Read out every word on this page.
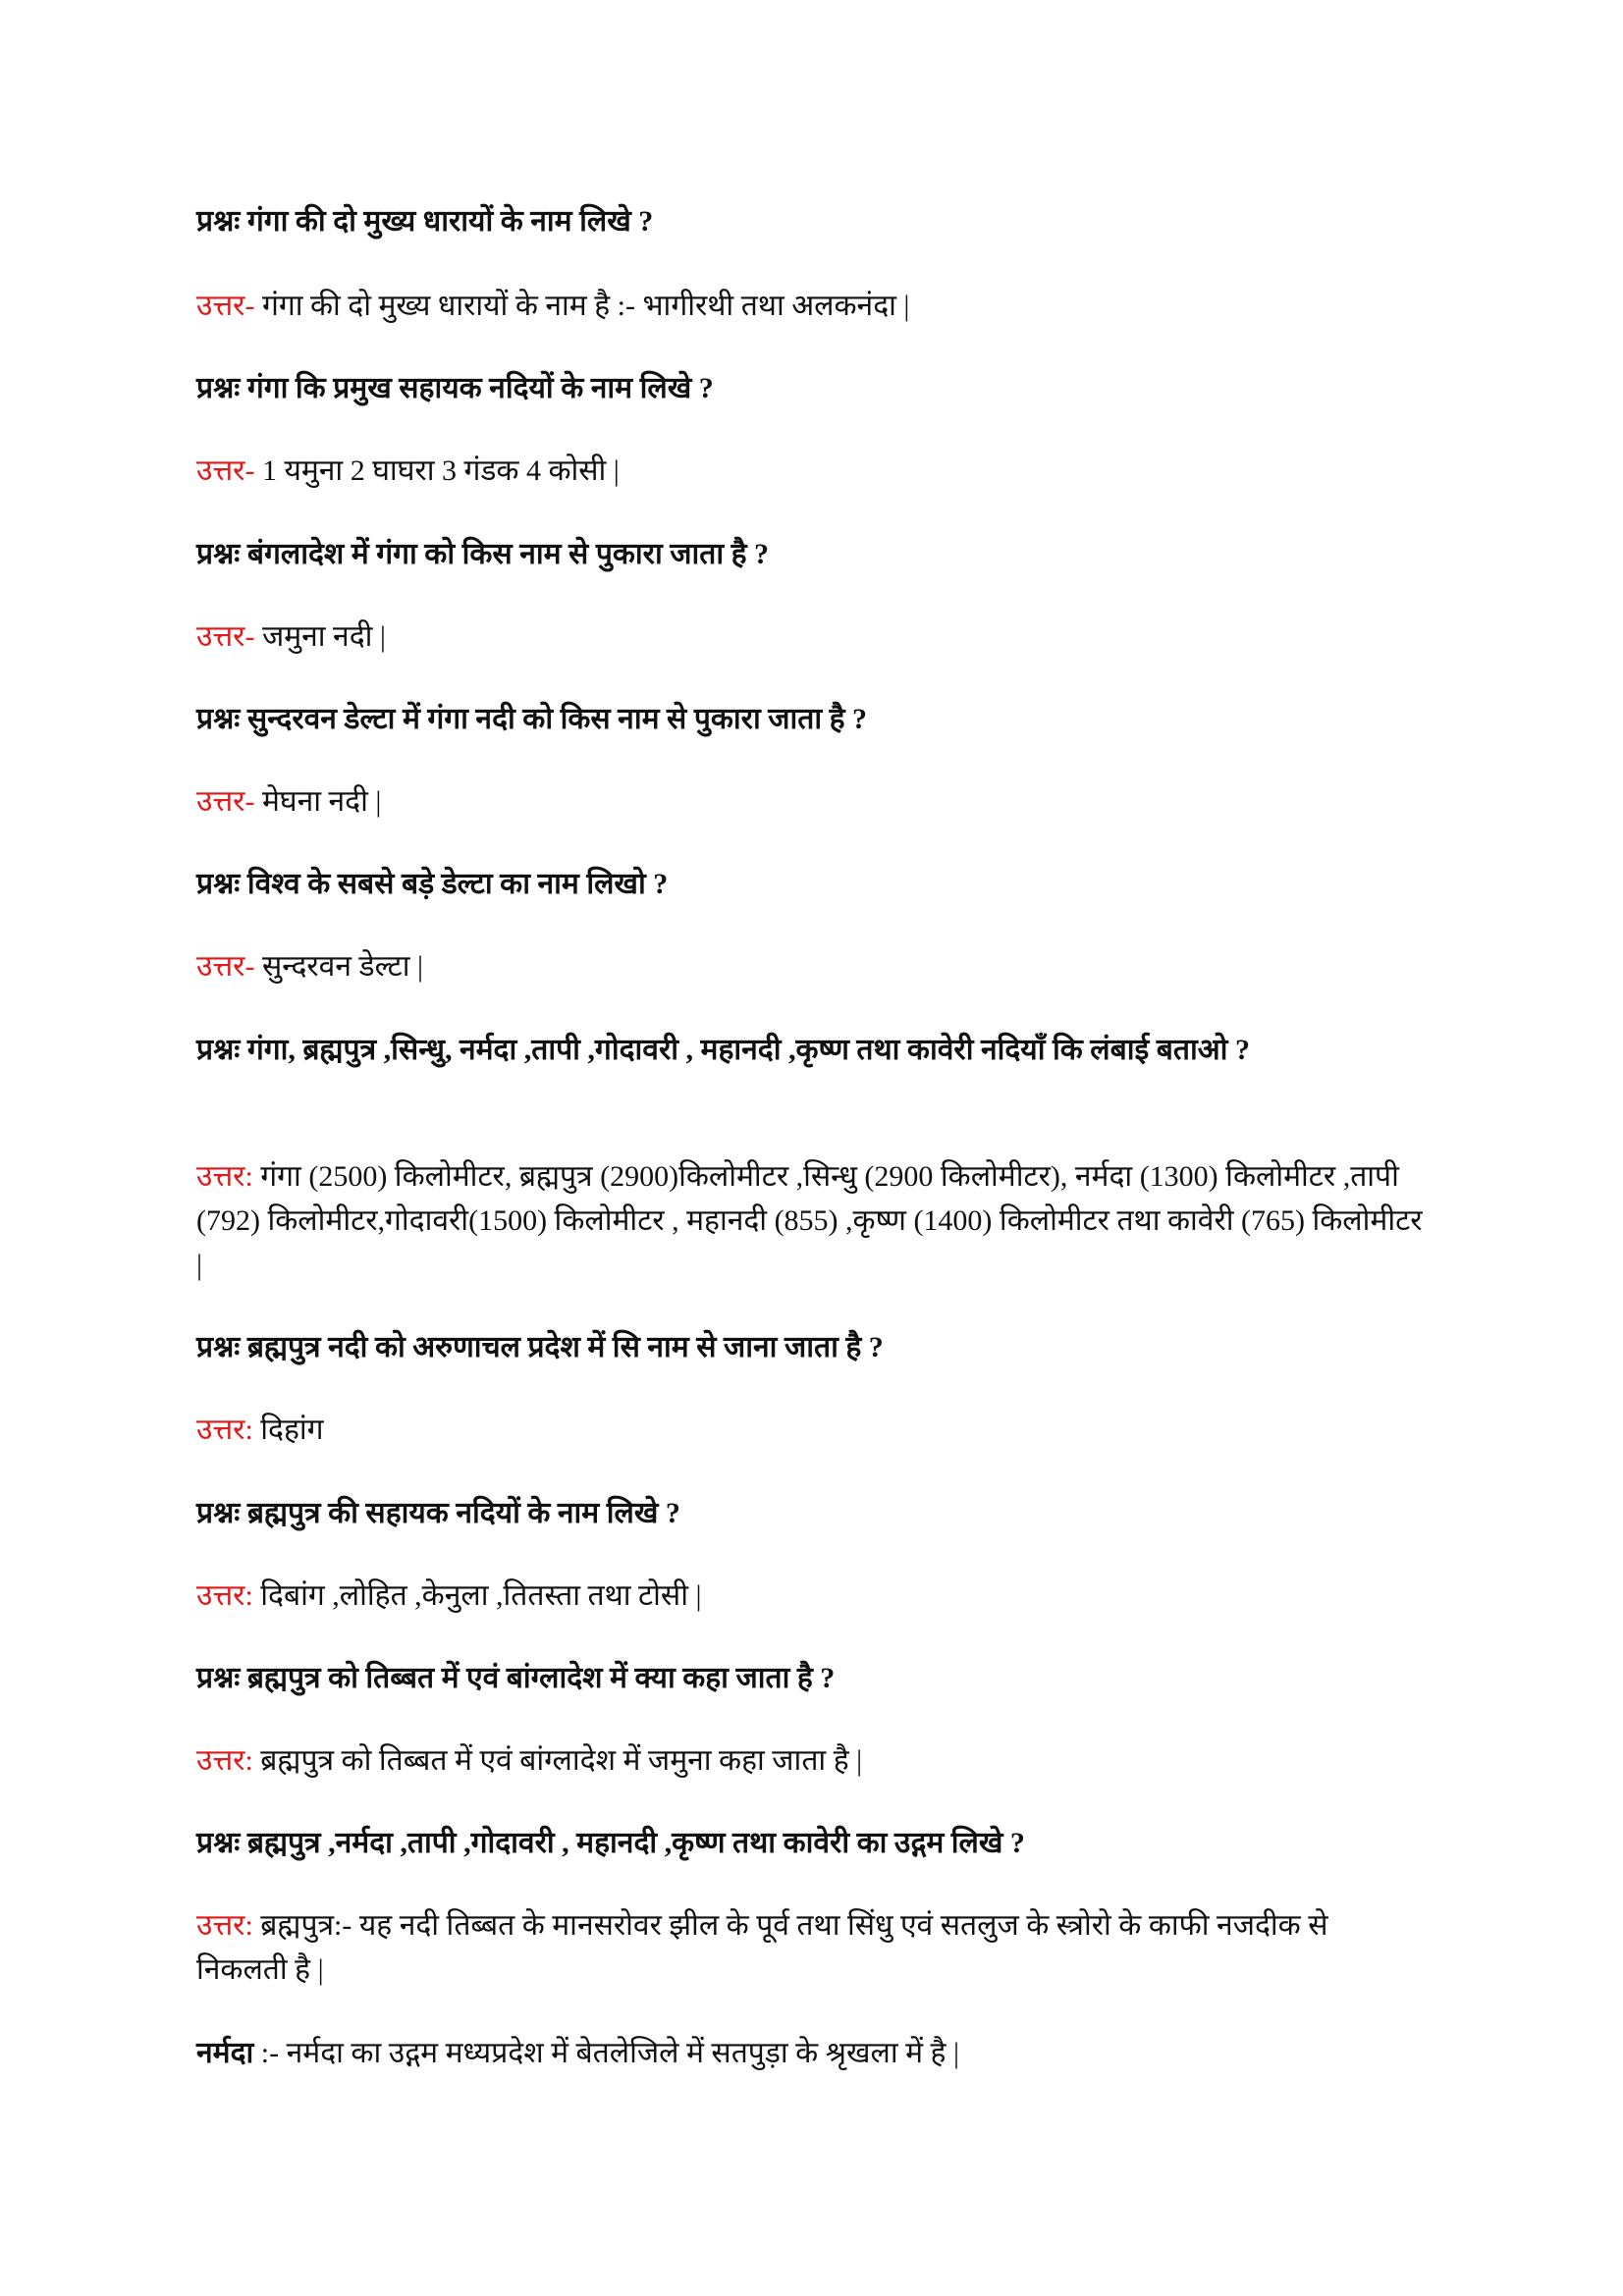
प्रश्नः गंगा की दो मुख्य धारायों के नाम लिखे ?
उत्तर- गंगा की दो मुख्य धारायों के नाम है :- भागीरथी तथा अलकनंदा |
प्रश्नः गंगा कि प्रमुख सहायक नदियों के नाम लिखे ?
उत्तर- 1 यमुना 2 घाघरा 3 गंडक 4 कोसी |
प्रश्नः बंगलादेश में गंगा को किस नाम से पुकारा जाता है ?
उत्तर- जमुना नदी |
प्रश्नः सुन्दरवन डेल्टा में गंगा नदी को किस नाम से पुकारा जाता है ?
उत्तर- मेघना नदी |
प्रश्नः विश्व के सबसे बड़े डेल्टा का नाम लिखो ?
उत्तर- सुन्दरवन डेल्टा |
प्रश्नः गंगा, ब्रह्मपुत्र ,सिन्धु, नर्मदा ,तापी ,गोदावरी , महानदी ,कृष्ण तथा कावेरी नदियाँ कि लंबाई बताओ ?
उत्तर: गंगा (2500) किलोमीटर, ब्रह्मपुत्र (2900)किलोमीटर ,सिन्धु (2900 किलोमीटर), नर्मदा (1300) किलोमीटर ,तापी (792) किलोमीटर,गोदावरी(1500) किलोमीटर , महानदी (855) ,कृष्ण (1400) किलोमीटर तथा कावेरी (765) किलोमीटर |
प्रश्नः ब्रह्मपुत्र नदी को अरुणाचल प्रदेश में सि नाम से जाना जाता है ?
उत्तर: दिहांग
प्रश्नः ब्रह्मपुत्र की सहायक नदियों के नाम लिखे ?
उत्तर: दिबांग ,लोहित ,केनुला ,तितस्ता तथा टोसी |
प्रश्नः ब्रह्मपुत्र को तिब्बत में एवं बांग्लादेश में क्या कहा जाता है ?
उत्तर: ब्रह्मपुत्र को तिब्बत में एवं बांग्लादेश में जमुना कहा जाता है |
प्रश्नः ब्रह्मपुत्र ,नर्मदा ,तापी ,गोदावरी , महानदी ,कृष्ण तथा कावेरी का उद्गम लिखे ?
उत्तर: ब्रह्मपुत्र:- यह नदी तिब्बत के मानसरोवर झील के पूर्व तथा सिंधु एवं सतलुज के स्त्रोरो के काफी नजदीक से निकलती है |
नर्मदा :- नर्मदा का उद्गम मध्यप्रदेश में बेतलेजिले में सतपुड़ा के श्रृखला में है |
